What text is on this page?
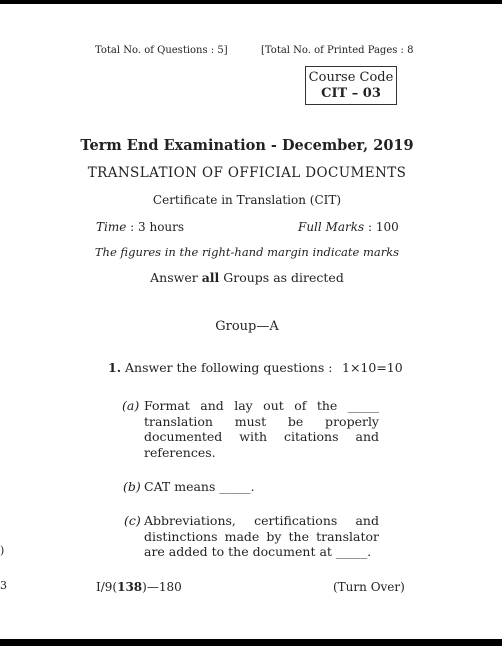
Total No. of Questions : 5]	[Total No. of Printed Pages : 8
Course Code
CIT – 03
Term End Examination - December, 2019
TRANSLATION OF OFFICIAL DOCUMENTS
Certificate in Translation (CIT)
Time : 3 hours	Full Marks : 100
The figures in the right-hand margin indicate marks
Answer all Groups as directed
Group—A
1. Answer the following questions : 1×10=10
(a) Format and lay out of the _____ translation must be properly documented with citations and references.
(b) CAT means _____.
(c) Abbreviations, certifications and distinctions made by the translator are added to the document at _____.
)
3	I/9(138)—180	(Turn Over)
